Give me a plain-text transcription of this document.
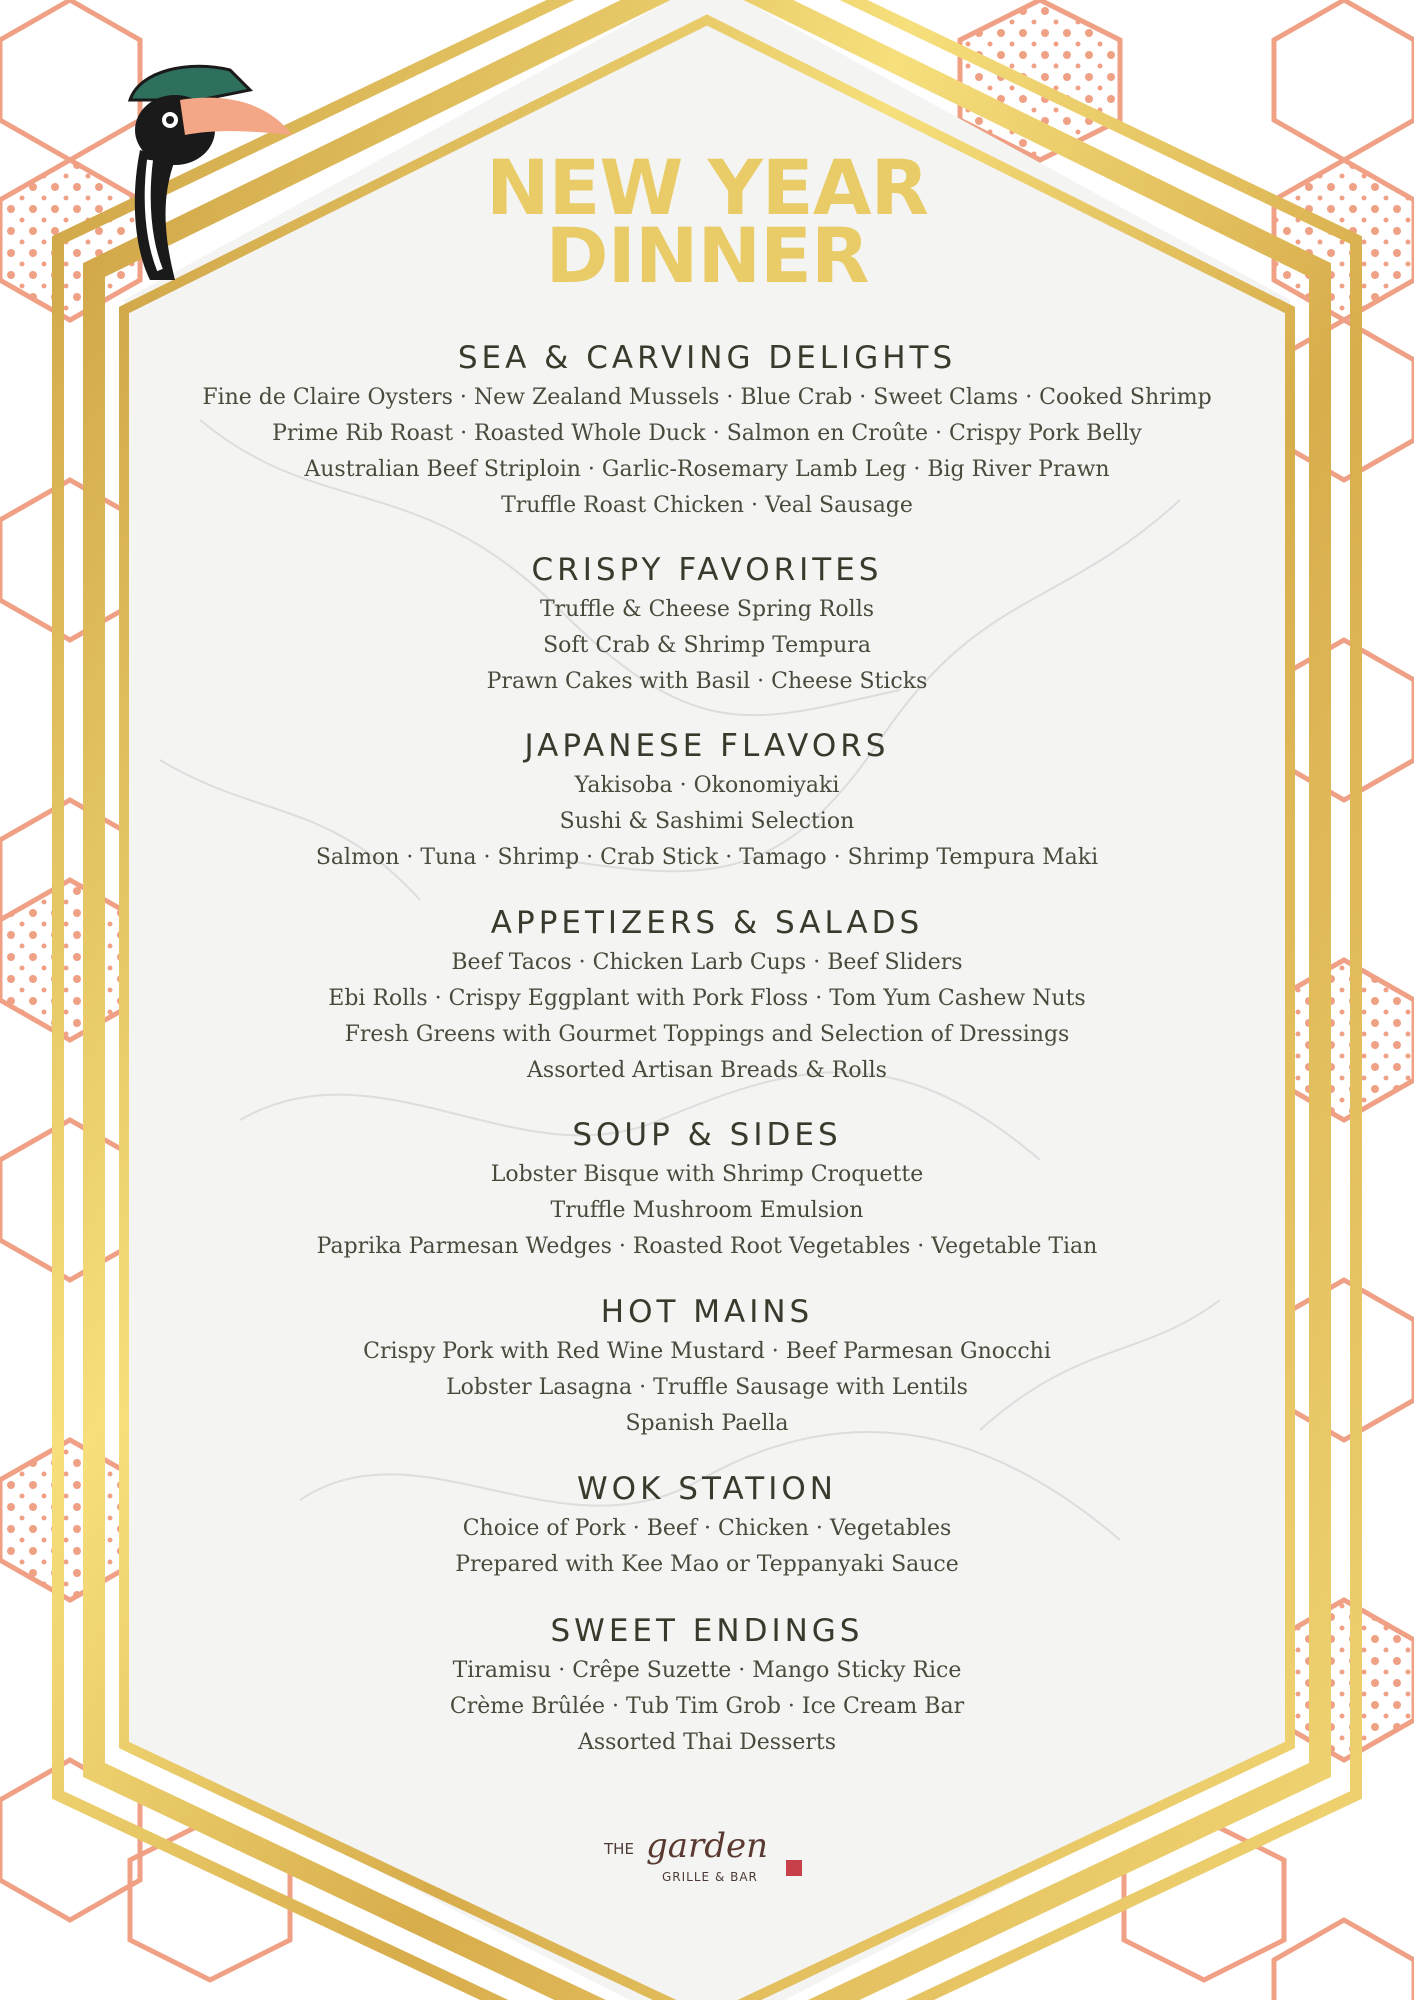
NEW YEAR
DINNER
SEA & CARVING DELIGHTS
Fine de Claire Oysters · New Zealand Mussels · Blue Crab · Sweet Clams · Cooked Shrimp
Prime Rib Roast · Roasted Whole Duck · Salmon en Croûte · Crispy Pork Belly
Australian Beef Striploin · Garlic-Rosemary Lamb Leg · Big River Prawn
Truffle Roast Chicken · Veal Sausage
CRISPY FAVORITES
Truffle & Cheese Spring Rolls
Soft Crab & Shrimp Tempura
Prawn Cakes with Basil · Cheese Sticks
JAPANESE FLAVORS
Yakisoba · Okonomiyaki
Sushi & Sashimi Selection
Salmon · Tuna · Shrimp · Crab Stick · Tamago · Shrimp Tempura Maki
APPETIZERS & SALADS
Beef Tacos · Chicken Larb Cups · Beef Sliders
Ebi Rolls · Crispy Eggplant with Pork Floss · Tom Yum Cashew Nuts
Fresh Greens with Gourmet Toppings and Selection of Dressings
Assorted Artisan Breads & Rolls
SOUP & SIDES
Lobster Bisque with Shrimp Croquette
Truffle Mushroom Emulsion
Paprika Parmesan Wedges · Roasted Root Vegetables · Vegetable Tian
HOT MAINS
Crispy Pork with Red Wine Mustard · Beef Parmesan Gnocchi
Lobster Lasagna · Truffle Sausage with Lentils
Spanish Paella
WOK STATION
Choice of Pork · Beef · Chicken · Vegetables
Prepared with Kee Mao or Teppanyaki Sauce
SWEET ENDINGS
Tiramisu · Crêpe Suzette · Mango Sticky Rice
Crème Brûlée · Tub Tim Grob · Ice Cream Bar
Assorted Thai Desserts
THE garden
GRILLE & BAR
